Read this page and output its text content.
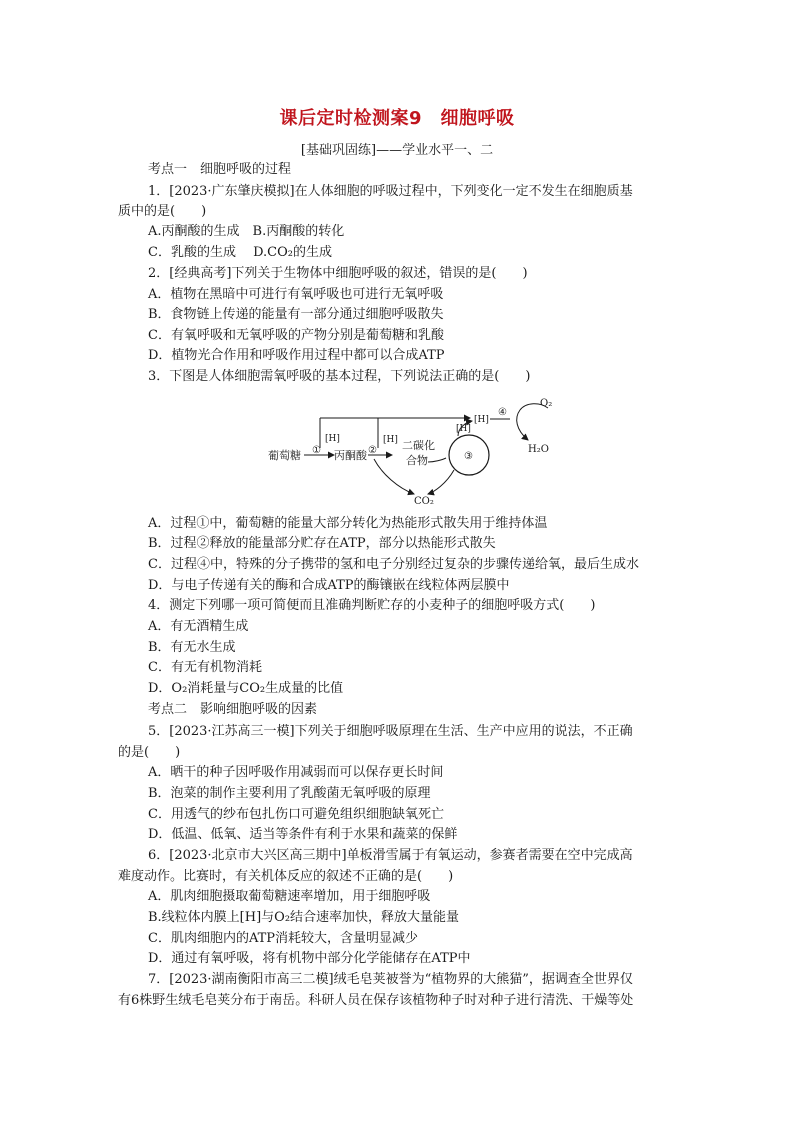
课后定时检测案9　细胞呼吸
[基础巩固练]——学业水平一、二
考点一　细胞呼吸的过程
1．[2023·广东肇庆模拟]在人体细胞的呼吸过程中，下列变化一定不发生在细胞质基
质中的是(　　)
A.丙酮酸的生成　B.丙酮酸的转化
C．乳酸的生成　 D.CO₂的生成
2．[经典高考]下列关于生物体中细胞呼吸的叙述，错误的是(　　)
A．植物在黑暗中可进行有氧呼吸也可进行无氧呼吸
B．食物链上传递的能量有一部分通过细胞呼吸散失
C．有氧呼吸和无氧呼吸的产物分别是葡萄糖和乳酸
D．植物光合作用和呼吸作用过程中都可以合成ATP
3．下图是人体细胞需氧呼吸的基本过程，下列说法正确的是(　　)
葡萄糖 ①
[H]
丙酮酸 ②
[H] 二碳化
合物	③
[H]
CO₂
[H]
④
O₂
H₂O
A．过程①中，葡萄糖的能量大部分转化为热能形式散失用于维持体温
B．过程②释放的能量部分贮存在ATP，部分以热能形式散失
C．过程④中，特殊的分子携带的氢和电子分别经过复杂的步骤传递给氧，最后生成水
D．与电子传递有关的酶和合成ATP的酶镶嵌在线粒体两层膜中
4．测定下列哪一项可简便而且准确判断贮存的小麦种子的细胞呼吸方式(　　)
A．有无酒精生成
B．有无水生成
C．有无有机物消耗
D．O₂消耗量与CO₂生成量的比值
考点二　影响细胞呼吸的因素
5．[2023·江苏高三一模]下列关于细胞呼吸原理在生活、生产中应用的说法，不正确
的是(　　)
A．晒干的种子因呼吸作用减弱而可以保存更长时间
B．泡菜的制作主要利用了乳酸菌无氧呼吸的原理
C．用透气的纱布包扎伤口可避免组织细胞缺氧死亡
D．低温、低氧、适当等条件有利于水果和蔬菜的保鲜
6．[2023·北京市大兴区高三期中]单板滑雪属于有氧运动，参赛者需要在空中完成高
难度动作。比赛时，有关机体反应的叙述不正确的是(　　)
A．肌肉细胞摄取葡萄糖速率增加，用于细胞呼吸
B.线粒体内膜上[H]与O₂结合速率加快，释放大量能量
C．肌肉细胞内的ATP消耗较大，含量明显减少
D．通过有氧呼吸，将有机物中部分化学能储存在ATP中
7．[2023·湖南衡阳市高三二模]绒毛皂荚被誉为“植物界的大熊猫”，据调查全世界仅
有6株野生绒毛皂荚分布于南岳。科研人员在保存该植物种子时对种子进行清洗、干燥等处
